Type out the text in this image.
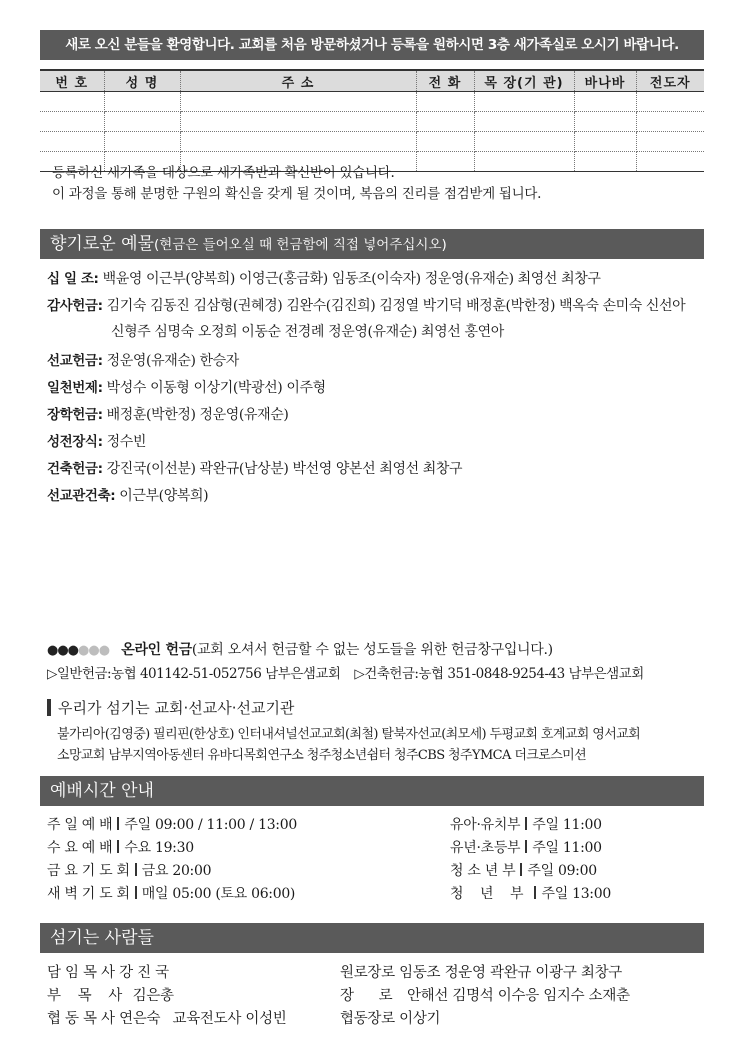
새로 오신 분들을 환영합니다. 교회를 처음 방문하셨거나 등록을 원하시면 3층 새가족실로 오시기 바랍니다.
번 호	성 명	주 소	전 화	목 장(기 관)	바나바	전도자

등록하신 새가족을 대상으로 새가족반과 확신반이 있습니다.
이 과정을 통해 분명한 구원의 확신을 갖게 될 것이며, 복음의 진리를 점검받게 됩니다.
향기로운 예물(현금은 들어오실 때 헌금함에 직접 넣어주십시오)
십 일 조: 백윤영 이근부(양복희) 이영근(홍금화) 임동조(이숙자) 정운영(유재순) 최영선 최창구
감사헌금: 김기숙 김동진 김삼형(권혜경) 김완수(김진희) 김정열 박기덕 배정훈(박한정) 백옥숙 손미숙 신선아
신형주 심명숙 오정희 이동순 전경례 정운영(유재순) 최영선 홍연아
선교헌금: 정운영(유재순) 한승자
일천번제: 박성수 이동형 이상기(박광선) 이주형
장학헌금: 배정훈(박한정) 정운영(유재순)
성전장식: 정수빈
건축헌금: 강진국(이선분) 곽완규(남상분) 박선영 양본선 최영선 최창구
선교관건축: 이근부(양복희)
●●●●●● 온라인 헌금(교회 오셔서 헌금할 수 없는 성도들을 위한 헌금창구입니다.)
▷일반헌금:농협 401142-51-052756 남부은샘교회 ▷건축헌금:농협 351-0848-9254-43 남부은샘교회
우리가 섬기는 교회·선교사·선교기관
불가리아(김영중) 필리핀(한상호) 인터내셔널선교교회(최철) 탈북자선교(최모세) 두평교회 호계교회 영서교회
소망교회 남부지역아동센터 유바디목회연구소 청주청소년쉼터 청주CBS 청주YMCA 더크로스미션
예배시간 안내
주 일 예 배 주일 09:00 / 11:00 / 13:00
수 요 예 배 수요 19:30
금 요 기 도 회 금요 20:00
새 벽 기 도 회 매일 05:00 (토요 06:00)
유아·유치부 주일 11:00
유년·초등부 주일 11:00
청 소 년 부 주일 09:00
청 년 부 주일 13:00
섬기는 사람들
담 임 목 사 강 진 국
부 목 사 김은총
협 동 목 사 연은숙 교육전도사 이성빈
원로장로 임동조 정운영 곽완규 이광구 최창구
장 로 안해선 김명석 이수응 임지수 소재춘
협동장로 이상기
